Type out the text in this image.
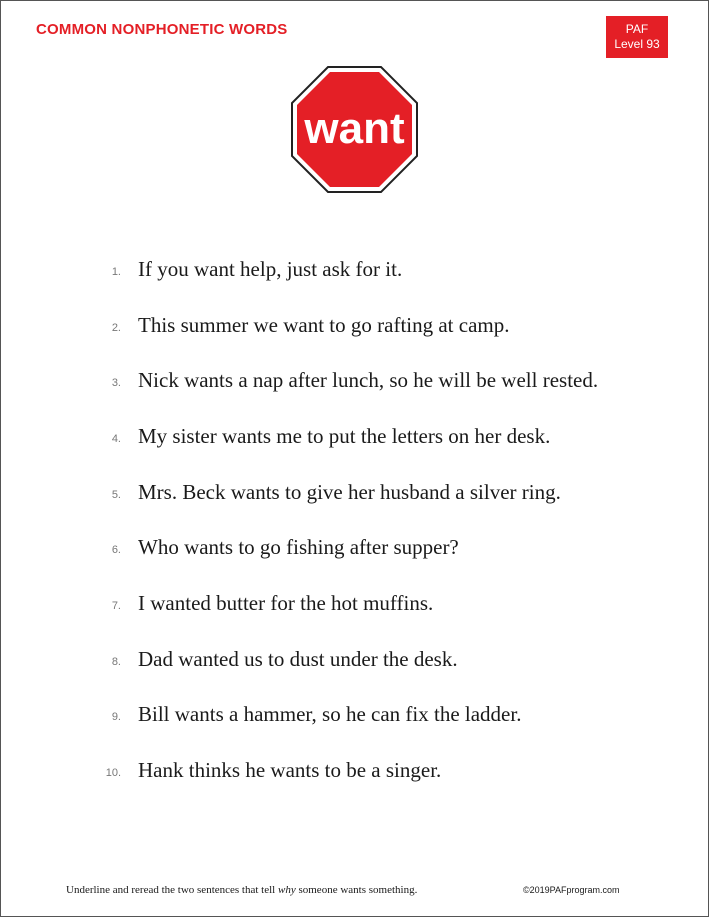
COMMON NONPHONETIC WORDS	PAF
Level 93
want
1. If you want help, just ask for it.
2. This summer we want to go rafting at camp.
3. Nick wants a nap after lunch, so he will be well rested.
4. My sister wants me to put the letters on her desk.
5. Mrs. Beck wants to give her husband a silver ring.
6. Who wants to go fishing after supper?
7. I wanted butter for the hot muffins.
8. Dad wanted us to dust under the desk.
9. Bill wants a hammer, so he can fix the ladder.
10. Hank thinks he wants to be a singer.
Underline and reread the two sentences that tell why someone wants something.	©2019PAFprogram.com
